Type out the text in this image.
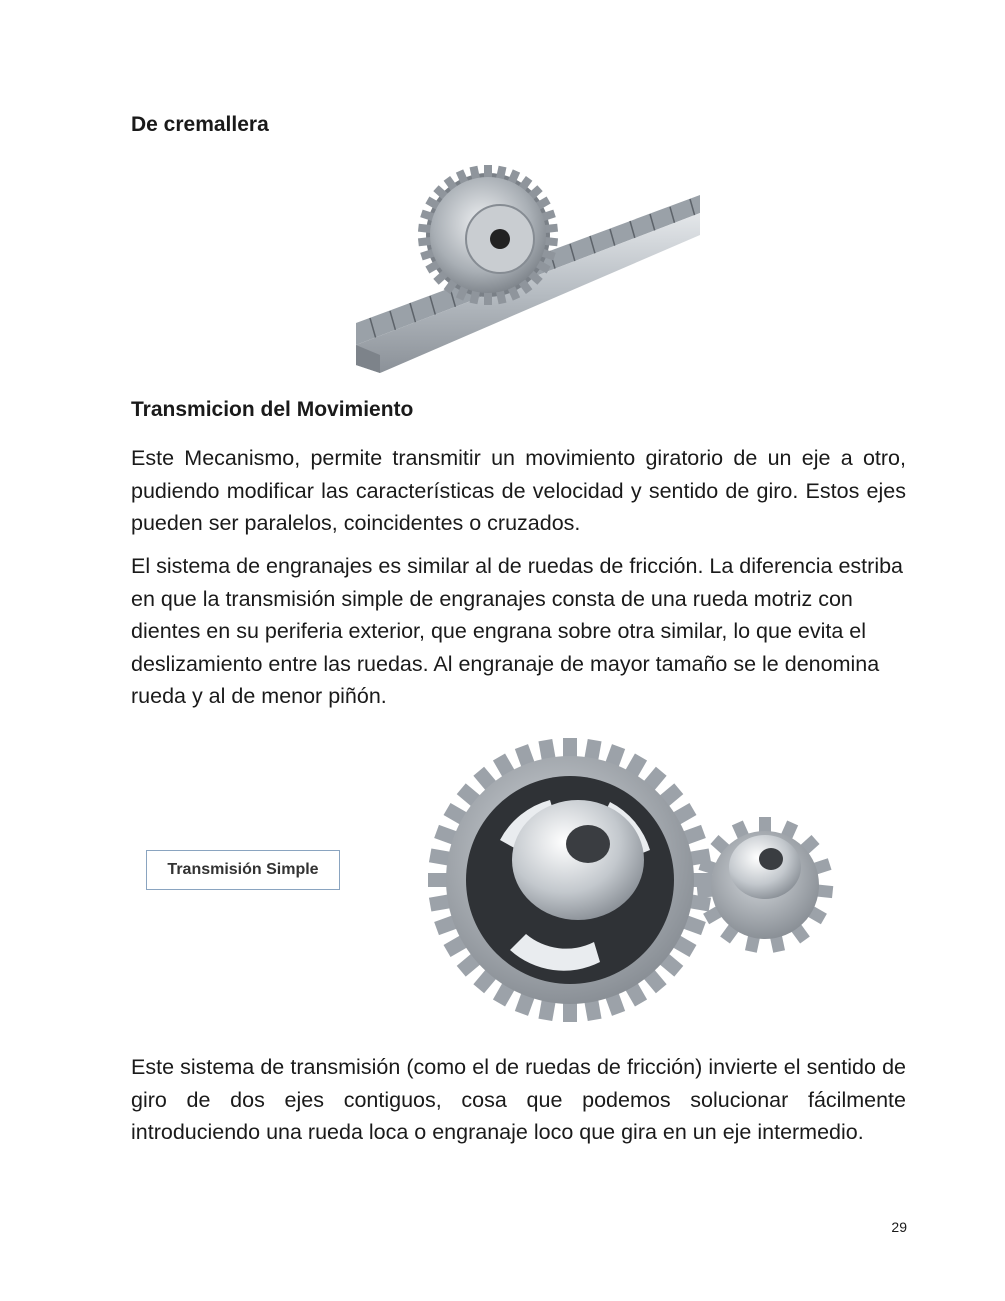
De cremallera
Transmicion del Movimiento

Este Mecanismo, permite transmitir un movimiento giratorio de un eje a otro, pudiendo modificar las características de velocidad y sentido de giro. Estos ejes pueden ser paralelos, coincidentes o cruzados.

El sistema de engranajes es similar al de ruedas de fricción. La diferencia estriba en que la transmisión simple de engranajes consta de una rueda motriz con dientes en su periferia exterior, que engrana sobre otra similar, lo que evita el deslizamiento entre las ruedas. Al engranaje de mayor tamaño se le denomina rueda y al de menor piñón.

Transmisión Simple

Este sistema de transmisión (como el de ruedas de fricción) invierte el sentido de giro de dos ejes contiguos, cosa que podemos solucionar fácilmente introduciendo una rueda loca o engranaje loco que gira en un eje intermedio.

29
